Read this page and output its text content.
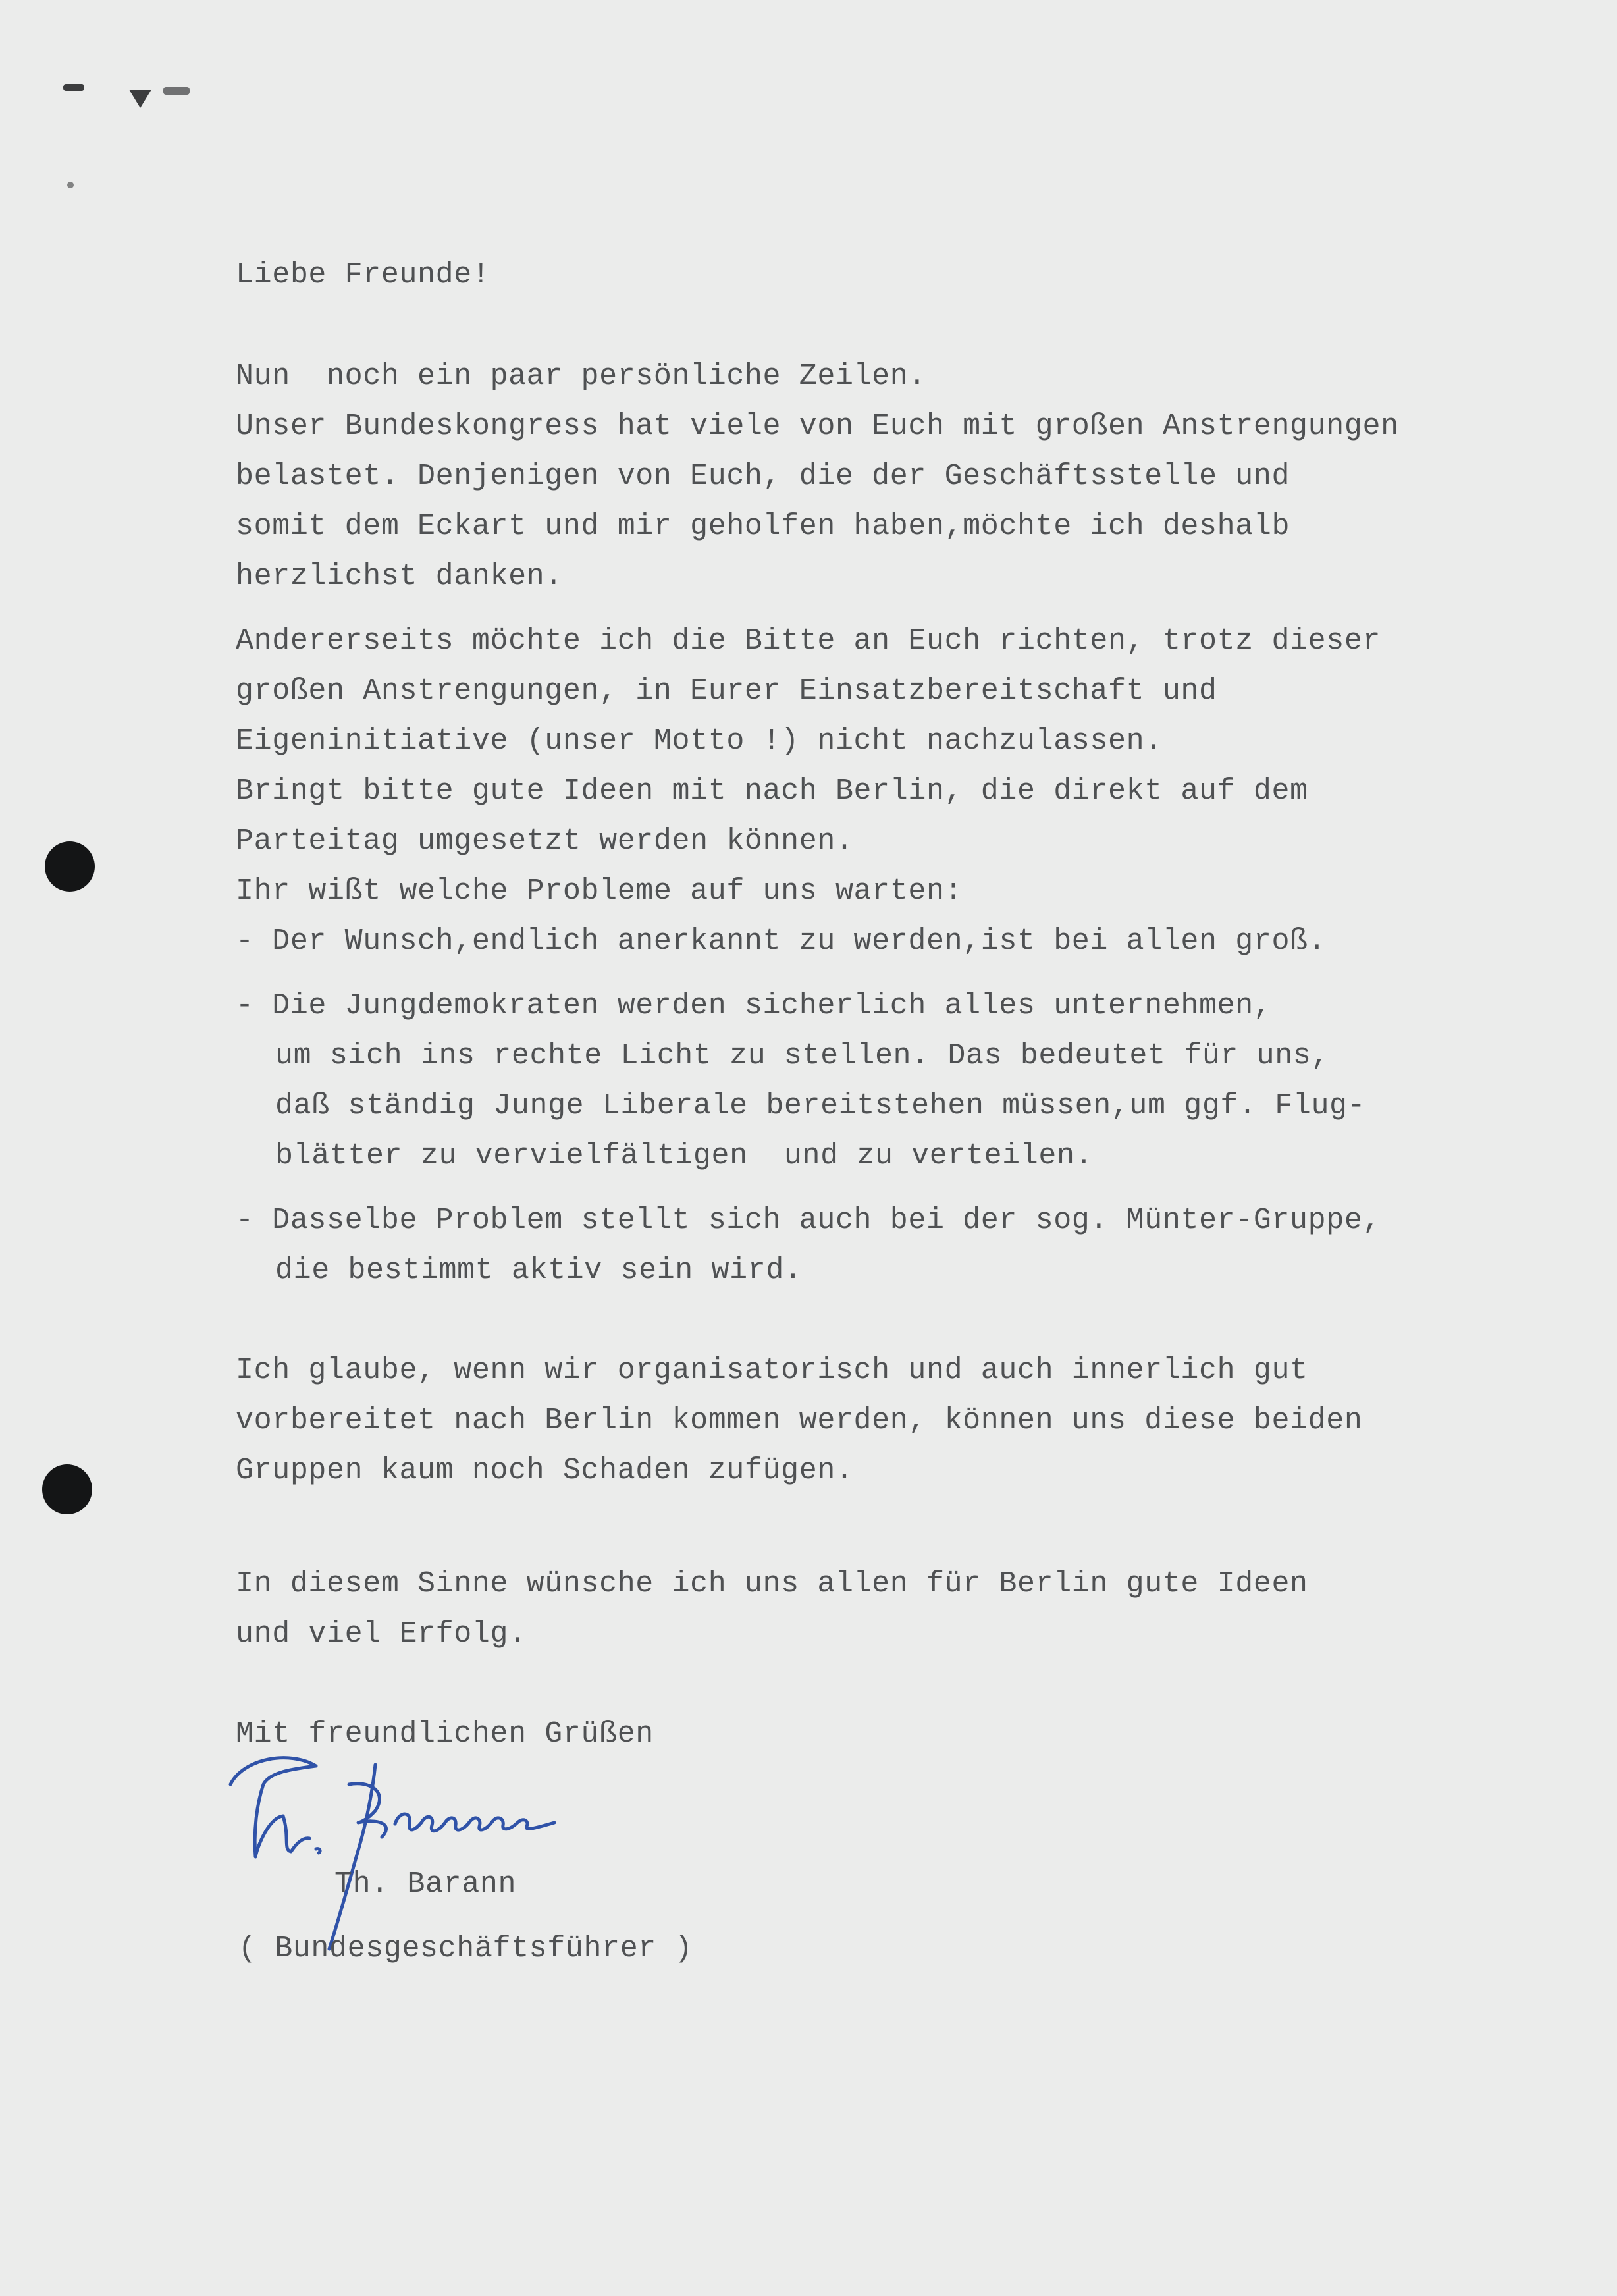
Liebe Freunde!
Nun  noch ein paar persönliche Zeilen.
Unser Bundeskongress hat viele von Euch mit großen Anstrengungen
belastet. Denjenigen von Euch, die der Geschäftsstelle und
somit dem Eckart und mir geholfen haben,möchte ich deshalb
herzlichst danken.
Andererseits möchte ich die Bitte an Euch richten, trotz dieser
großen Anstrengungen, in Eurer Einsatzbereitschaft und
Eigeninitiative (unser Motto !) nicht nachzulassen.
Bringt bitte gute Ideen mit nach Berlin, die direkt auf dem
Parteitag umgesetzt werden können.
Ihr wißt welche Probleme auf uns warten:
- Der Wunsch,endlich anerkannt zu werden,ist bei allen groß.
- Die Jungdemokraten werden sicherlich alles unternehmen,
um sich ins rechte Licht zu stellen. Das bedeutet für uns,
daß ständig Junge Liberale bereitstehen müssen,um ggf. Flug-
blätter zu vervielfältigen  und zu verteilen.
- Dasselbe Problem stellt sich auch bei der sog. Münter-Gruppe,
die bestimmt aktiv sein wird.
Ich glaube, wenn wir organisatorisch und auch innerlich gut
vorbereitet nach Berlin kommen werden, können uns diese beiden
Gruppen kaum noch Schaden zufügen.
In diesem Sinne wünsche ich uns allen für Berlin gute Ideen
und viel Erfolg.
Mit freundlichen Grüßen
Th. Barann
( Bundesgeschäftsführer )
